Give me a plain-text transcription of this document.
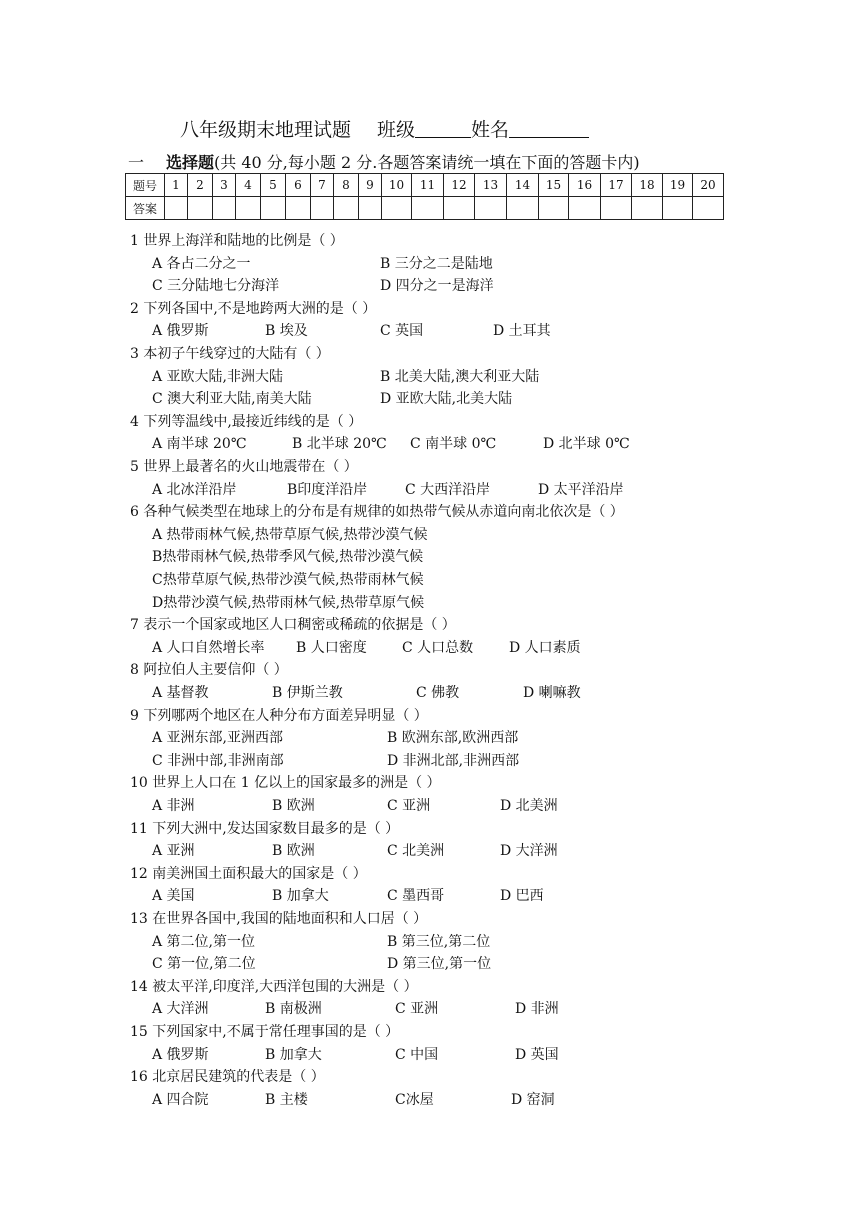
八年级期末地理试题 班级	姓名
一 选择题(共 40 分,每小题 2 分.各题答案请统一填在下面的答题卡内)
题号	1	2	3	4	5	6	7	8	9	10	11	12	13	14	15	16	17	18	19	20
答案																				
1 世界上海洋和陆地的比例是（ ）
A 各占二分之一	B 三分之二是陆地
C 三分陆地七分海洋	D 四分之一是海洋
2 下列各国中,不是地跨两大洲的是（ ）
A 俄罗斯	B 埃及	C 英国	D 土耳其
3 本初子午线穿过的大陆有（ ）
A 亚欧大陆,非洲大陆	B 北美大陆,澳大利亚大陆
C 澳大利亚大陆,南美大陆	D 亚欧大陆,北美大陆
4 下列等温线中,最接近纬线的是（ ）
A 南半球 20℃	B 北半球 20℃ C 南半球 0℃	D 北半球 0℃
5 世界上最著名的火山地震带在（ ）
A 北冰洋沿岸	B印度洋沿岸	C 大西洋沿岸	D 太平洋沿岸
6 各种气候类型在地球上的分布是有规律的如热带气候从赤道向南北依次是（ ）
A 热带雨林气候,热带草原气候,热带沙漠气候
B热带雨林气候,热带季风气候,热带沙漠气候
C热带草原气候,热带沙漠气候,热带雨林气候
D热带沙漠气候,热带雨林气候,热带草原气候
7 表示一个国家或地区人口稠密或稀疏的依据是（ ）
A 人口自然增长率 B 人口密度	C 人口总数	D 人口素质
8 阿拉伯人主要信仰（ ）
A 基督教	B 伊斯兰教	C 佛教	D 喇嘛教
9 下列哪两个地区在人种分布方面差异明显（ ）
A 亚洲东部,亚洲西部	B 欧洲东部,欧洲西部
C 非洲中部,非洲南部	D 非洲北部,非洲西部
10 世界上人口在 1 亿以上的国家最多的洲是（ ）
A 非洲	B 欧洲	C 亚洲	D 北美洲
11 下列大洲中,发达国家数目最多的是（ ）
A 亚洲	B 欧洲	C 北美洲	D 大洋洲
12 南美洲国土面积最大的国家是（ ）
A 美国	B 加拿大	C 墨西哥	D 巴西
13 在世界各国中,我国的陆地面积和人口居（ ）
A 第二位,第一位	B 第三位,第二位
C 第一位,第二位	D 第三位,第一位
14 被太平洋,印度洋,大西洋包围的大洲是（ ）
A 大洋洲	B 南极洲	C 亚洲	D 非洲
15 下列国家中,不属于常任理事国的是（ ）
A 俄罗斯	B 加拿大	C 中国	D 英国
16 北京居民建筑的代表是（ ）
A 四合院	B 主楼	C冰屋	D 窑洞
